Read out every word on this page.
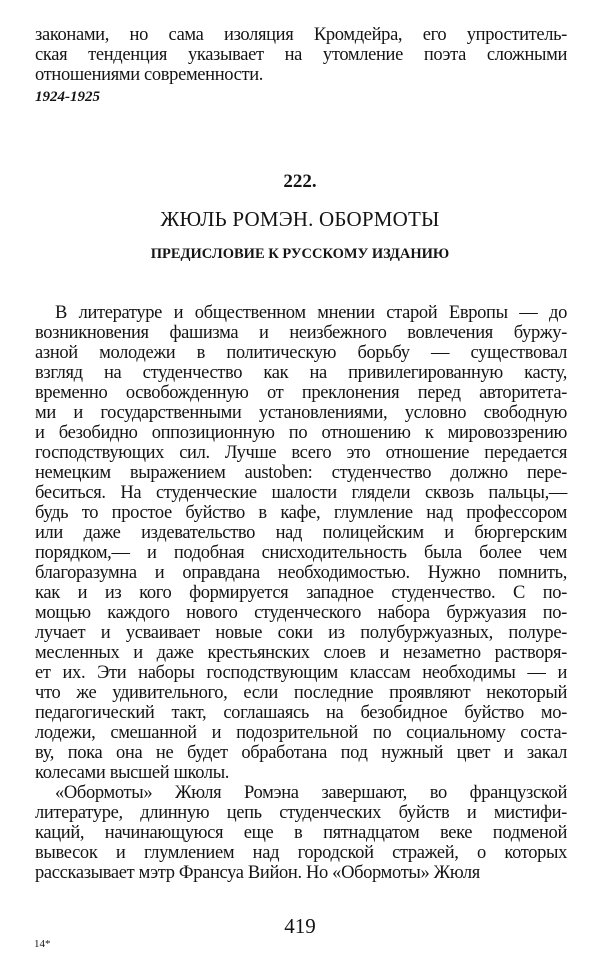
1924-1925
222.
ЖЮЛЬ РОМЭН. ОБОРМОТЫ
ПРЕДИСЛОВИЕ К РУССКОМУ ИЗДАНИЮ
419
14*
законами, но сама изоляция Кромдейра, его упроститель-
ская тенденция указывает на утомление поэта сложными
отношениями современности.
В литературе и общественном мнении старой Европы — до
возникновения фашизма и неизбежного вовлечения буржу-
азной молодежи в политическую борьбу — существовал
взгляд на студенчество как на привилегированную касту,
временно освобожденную от преклонения перед авторитета-
ми и государственными установлениями, условно свободную
и безобидно оппозиционную по отношению к мировоззрению
господствующих сил. Лучше всего это отношение передается
немецким выражением austoben: студенчество должно пере-
беситься. На студенческие шалости глядели сквозь пальцы,—
будь то простое буйство в кафе, глумление над профессором
или даже издевательство над полицейским и бюргерским
порядком,— и подобная снисходительность была более чем
благоразумна и оправдана необходимостью. Нужно помнить,
как и из кого формируется западное студенчество. С по-
мощью каждого нового студенческого набора буржуазия по-
лучает и усваивает новые соки из полубуржуазных, полуре-
месленных и даже крестьянских слоев и незаметно растворя-
ет их. Эти наборы господствующим классам необходимы — и
что же удивительного, если последние проявляют некоторый
педагогический такт, соглашаясь на безобидное буйство мо-
лодежи, смешанной и подозрительной по социальному соста-
ву, пока она не будет обработана под нужный цвет и закал
колесами высшей школы.
«Обормоты» Жюля Ромэна завершают, во французской
литературе, длинную цепь студенческих буйств и мистифи-
каций, начинающуюся еще в пятнадцатом веке подменой
вывесок и глумлением над городской стражей, о которых
рассказывает мэтр Франсуа Вийон. Но «Обормоты» Жюля
